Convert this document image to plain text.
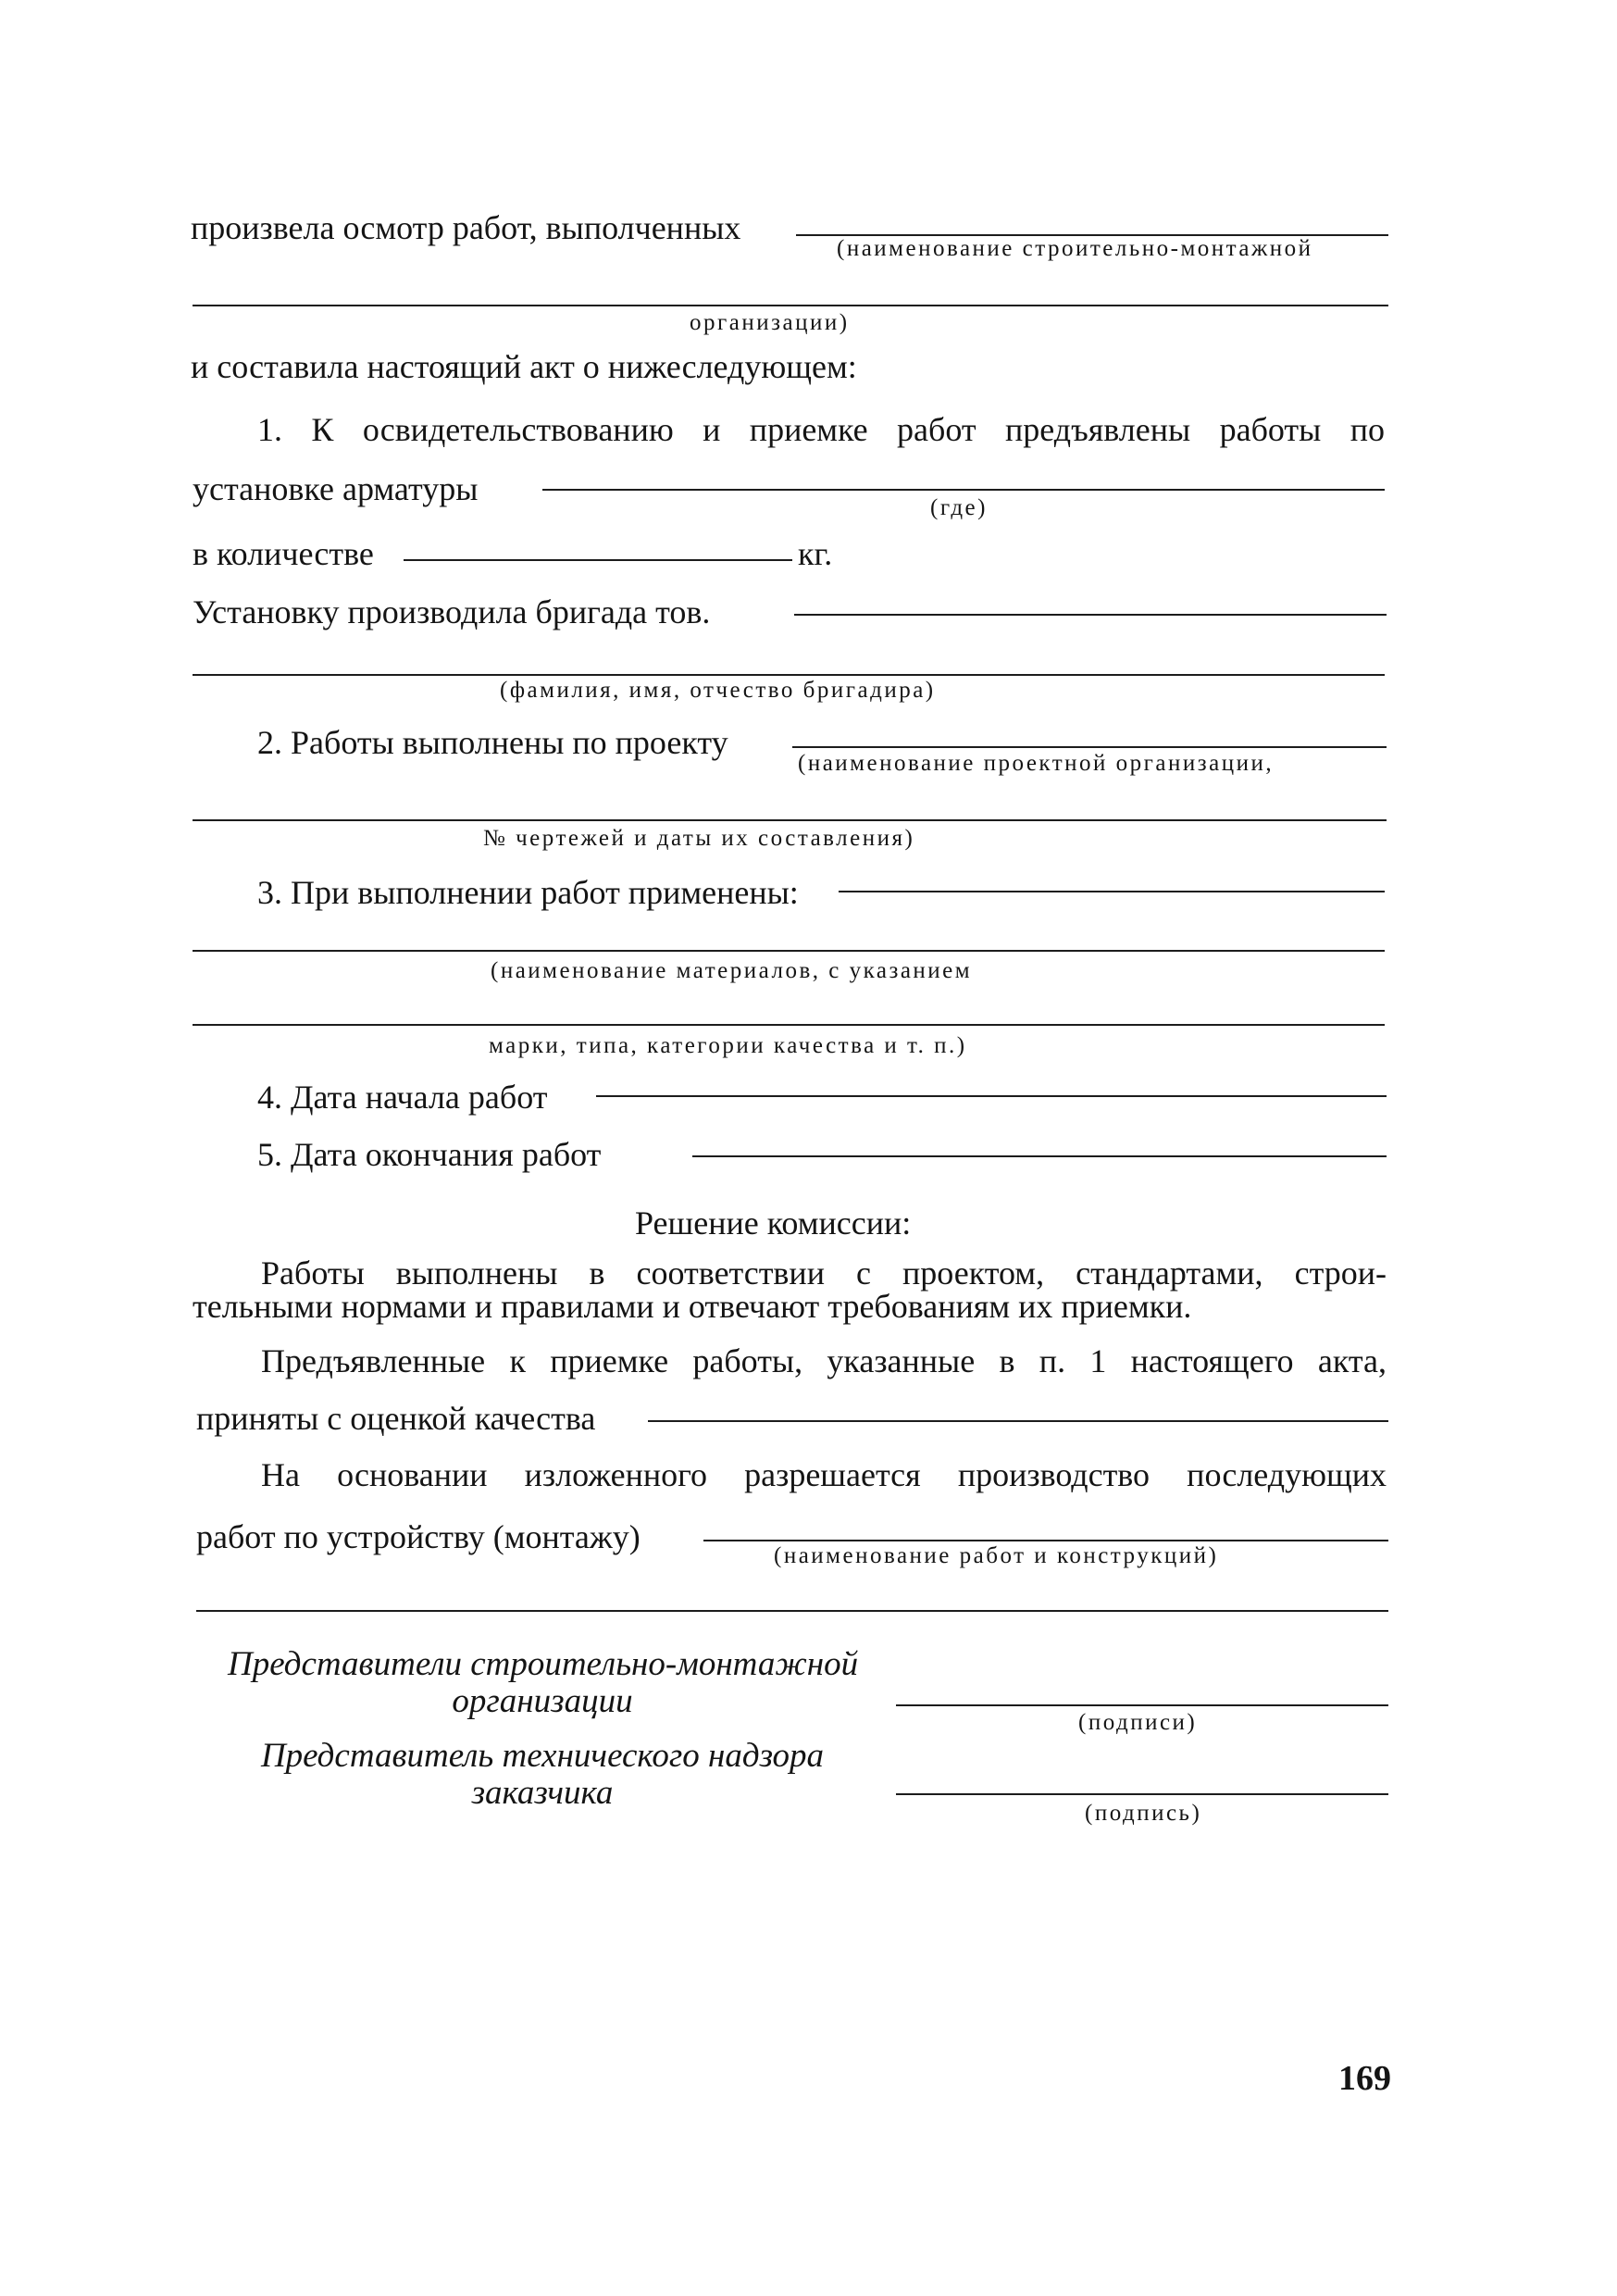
произвела осмотр работ, выполченных
(наименование строительно-монтажной
организации)
и составила настоящий акт о нижеследующем:
1. К освидетельствованию и приемке работ предъявлены работы по
установке арматуры
(где)
в количестве	кг.
Установку производила бригада тов.
(фамилия, имя, отчество бригадира)
2. Работы выполнены по проекту
(наименование проектной организации,
№ чертежей и даты их составления)
3. При выполнении работ применены:
(наименование материалов, с указанием
марки, типа, категории качества и т. п.)
4. Дата начала работ
5. Дата окончания работ
Решение комиссии:
Работы выполнены в соответствии с проектом, стандартами, строи-
тельными нормами и правилами и отвечают требованиям их приемки.
Предъявленные к приемке работы, указанные в п. 1 настоящего акта,
приняты с оценкой качества
На основании изложенного разрешается производство последующих
работ по устройству (монтажу)
(наименование работ и конструкций)
Представители строительно-монтажной
организации
(подписи)
Представитель технического надзора
заказчика
(подпись)
169
